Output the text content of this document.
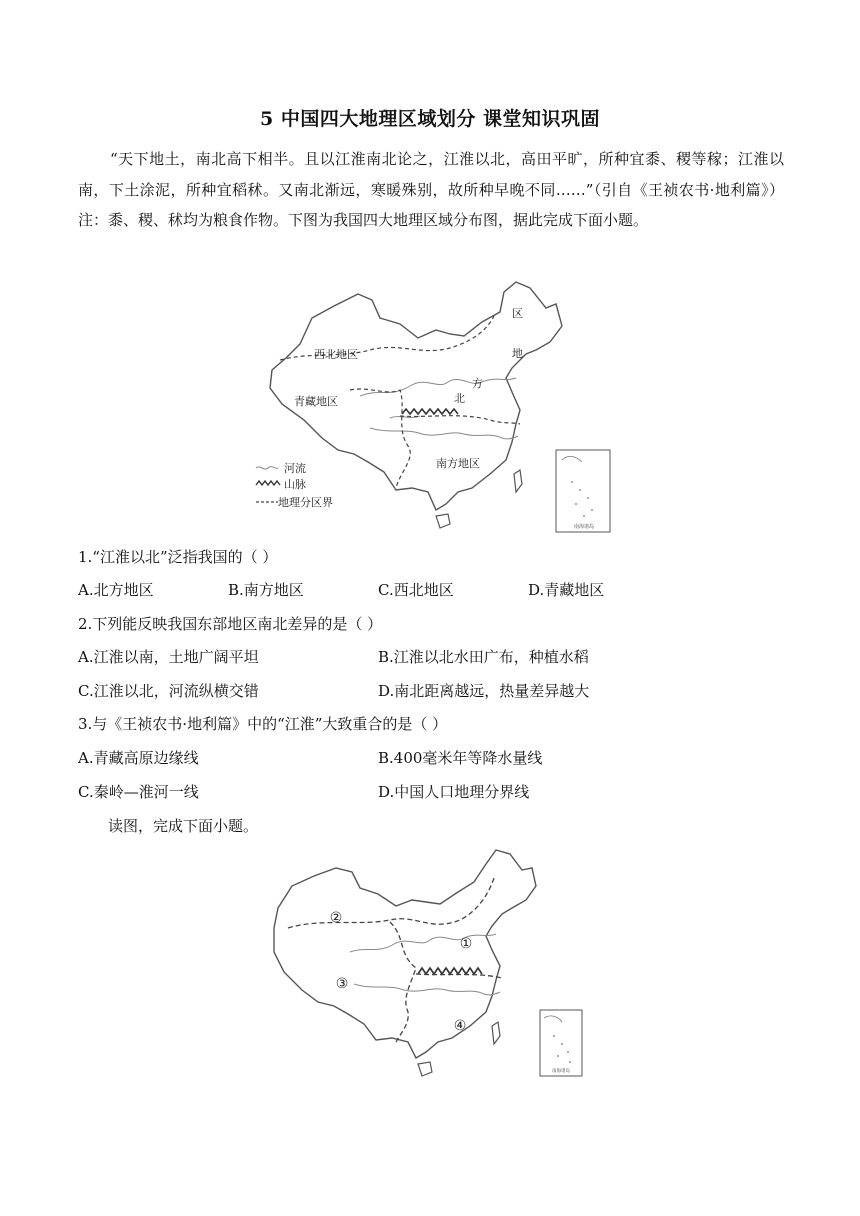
5 中国四大地理区域划分 课堂知识巩固
“天下地土，南北高下相半。且以江淮南北论之，江淮以北，高田平旷，所种宜黍、稷等稼；江淮以南，下土涂泥，所种宜稻秫。又南北渐远，寒暖殊别，故所种早晚不同……”（引自《王祯农书·地利篇》）注：黍、稷、秫均为粮食作物。下图为我国四大地理区域分布图，据此完成下面小题。
西北地区
青藏地区
南方地区
区
地
方
北
河流
山脉
地理分区界
南海诸岛
1.“江淮以北”泛指我国的（ ）
A.北方地区	B.南方地区	C.西北地区	D.青藏地区
2.下列能反映我国东部地区南北差异的是（ ）
A.江淮以南，土地广阔平坦	B.江淮以北水田广布，种植水稻
C.江淮以北，河流纵横交错	D.南北距离越远，热量差异越大
3.与《王祯农书·地利篇》中的“江淮”大致重合的是（ ）
A.青藏高原边缘线	B.400毫米年等降水量线
C.秦岭—淮河一线	D.中国人口地理分界线
读图，完成下面小题。
①
②
③
④
南海诸岛
